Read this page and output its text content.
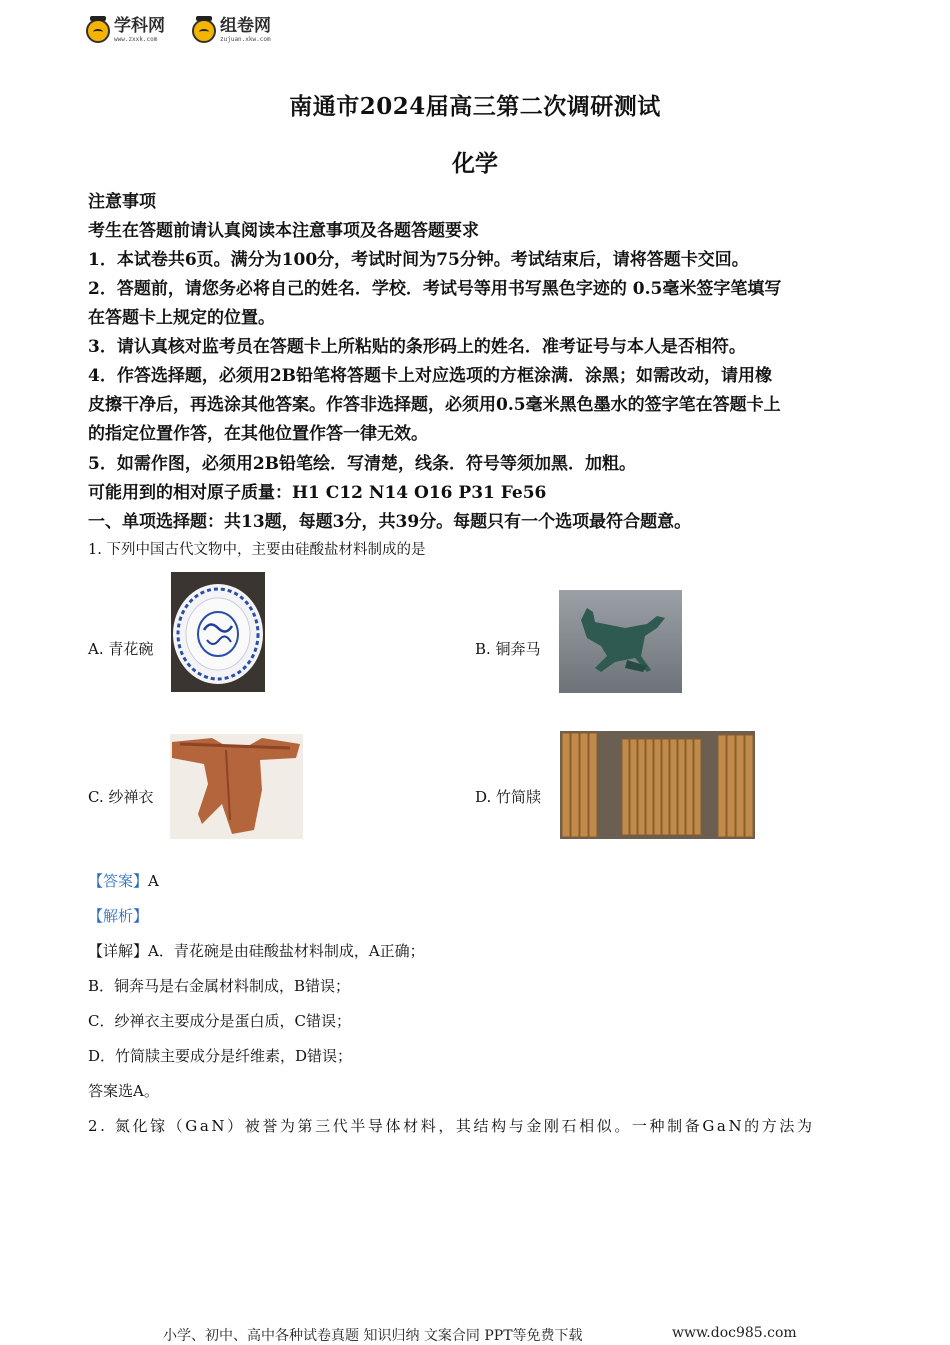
学科网
www.zxxk.com
组卷网
zujuan.xkw.com
南通市2024届高三第二次调研测试
化学
注意事项
考生在答题前请认真阅读本注意事项及各题答题要求
1．本试卷共6页。满分为100分，考试时间为75分钟。考试结束后，请将答题卡交回。
2．答题前，请您务必将自己的姓名．学校．考试号等用书写黑色字迹的 0.5毫米签字笔填写
在答题卡上规定的位置。
3．请认真核对监考员在答题卡上所粘贴的条形码上的姓名．准考证号与本人是否相符。
4．作答选择题，必须用2B铅笔将答题卡上对应选项的方框涂满．涂黑；如需改动，请用橡
皮擦干净后，再选涂其他答案。作答非选择题，必须用0.5毫米黑色墨水的签字笔在答题卡上
的指定位置作答，在其他位置作答一律无效。
5．如需作图，必须用2B铅笔绘．写清楚，线条．符号等须加黑．加粗。
可能用到的相对原子质量：H1 C12 N14 O16 P31 Fe56
一、单项选择题：共13题，每题3分，共39分。每题只有一个选项最符合题意。
1. 下列中国古代文物中，主要由硅酸盐材料制成的是
A. 青花碗	B. 铜奔马
C. 纱禅衣	D. 竹简牍
【答案】A
【解析】
【详解】A．青花碗是由硅酸盐材料制成，A正确；
B．铜奔马是右金属材料制成，B错误；
C．纱禅衣主要成分是蛋白质，C错误；
D．竹简牍主要成分是纤维素，D错误；
答案选A。
2. 氮化镓（GaN）被誉为第三代半导体材料，其结构与金刚石相似。一种制备GaN的方法为
小学、初中、高中各种试卷真题 知识归纳 文案合同 PPT等免费下载	www.doc985.com
